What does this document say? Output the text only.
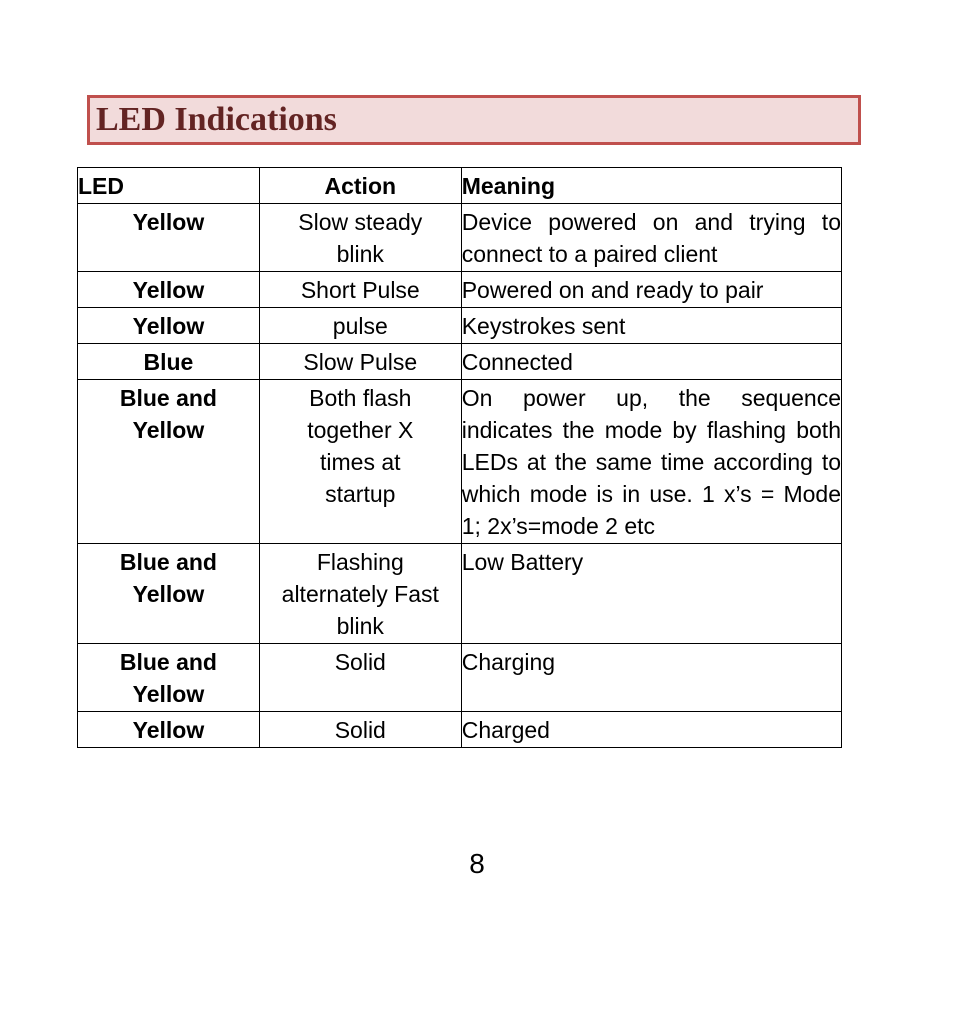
LED Indications
LED	Action	Meaning
Yellow	Slow steady blink	Device powered on and trying to connect to a paired client
Yellow	Short Pulse	Powered on and ready to pair
Yellow	pulse	Keystrokes sent
Blue	Slow Pulse	Connected
Blue and Yellow	Both flash together X times at startup	On power up, the sequence indicates the mode by flashing both LEDs at the same time according to which mode is in use. 1 x’s = Mode 1; 2x’s=mode 2 etc
Blue and Yellow	Flashing alternately Fast blink	Low Battery
Blue and Yellow	Solid	Charging
Yellow	Solid	Charged
8
